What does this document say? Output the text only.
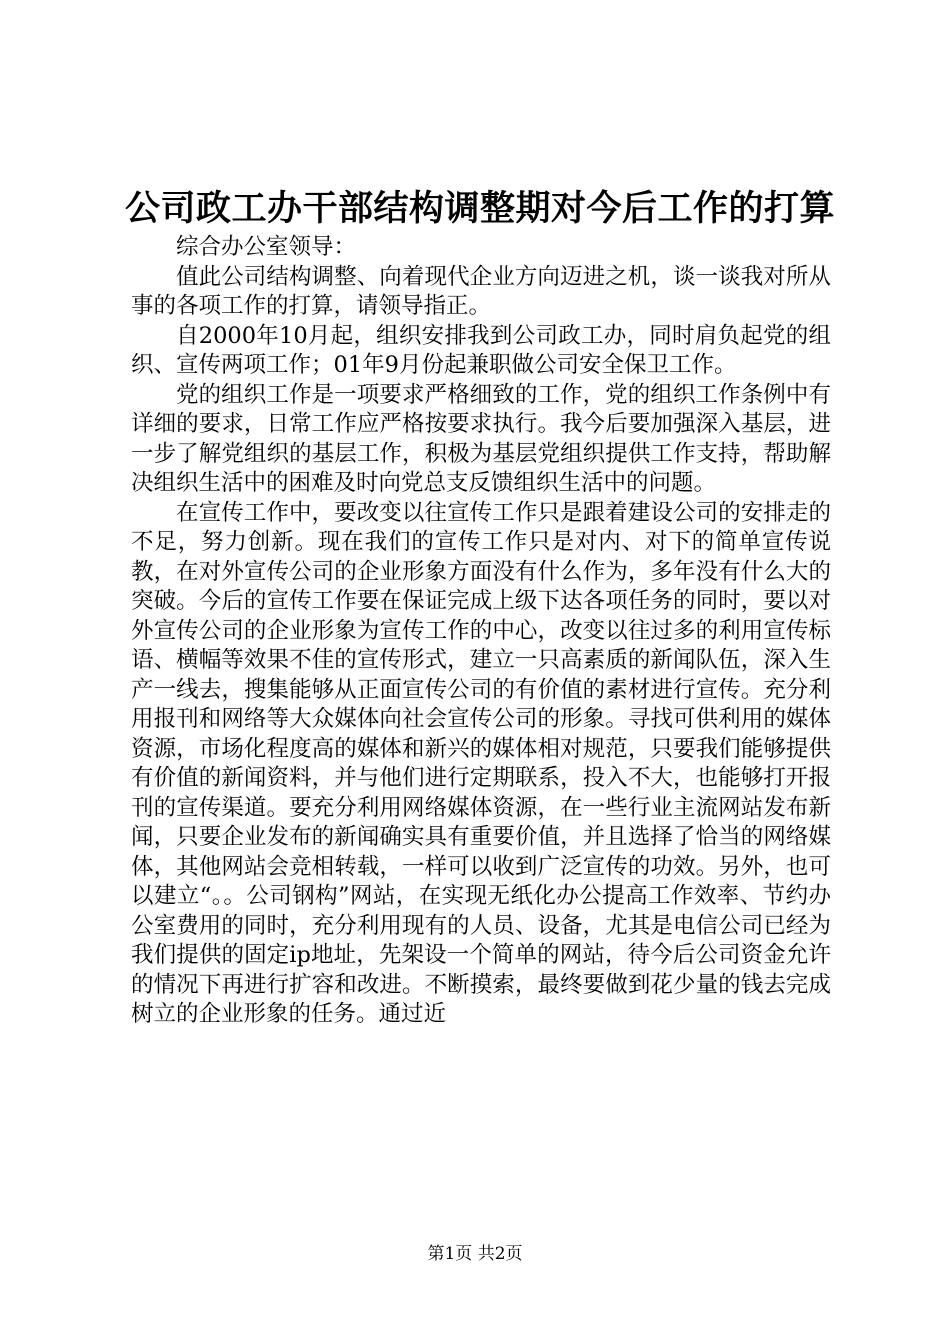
公司政工办干部结构调整期对今后工作的打算

综合办公室领导：

值此公司结构调整、向着现代企业方向迈进之机，谈一谈我对所从事的各项工作的打算，请领导指正。

自2000年10月起，组织安排我到公司政工办，同时肩负起党的组织、宣传两项工作；01年9月份起兼职做公司安全保卫工作。

党的组织工作是一项要求严格细致的工作，党的组织工作条例中有详细的要求，日常工作应严格按要求执行。我今后要加强深入基层，进一步了解党组织的基层工作，积极为基层党组织提供工作支持，帮助解决组织生活中的困难及时向党总支反馈组织生活中的问题。

在宣传工作中，要改变以往宣传工作只是跟着建设公司的安排走的不足，努力创新。现在我们的宣传工作只是对内、对下的简单宣传说教，在对外宣传公司的企业形象方面没有什么作为，多年没有什么大的突破。今后的宣传工作要在保证完成上级下达各项任务的同时，要以对外宣传公司的企业形象为宣传工作的中心，改变以往过多的利用宣传标语、横幅等效果不佳的宣传形式，建立一只高素质的新闻队伍，深入生产一线去，搜集能够从正面宣传公司的有价值的素材进行宣传。充分利用报刊和网络等大众媒体向社会宣传公司的形象。寻找可供利用的媒体资源，市场化程度高的媒体和新兴的媒体相对规范，只要我们能够提供有价值的新闻资料，并与他们进行定期联系，投入不大，也能够打开报刊的宣传渠道。要充分利用网络媒体资源，在一些行业主流网站发布新闻，只要企业发布的新闻确实具有重要价值，并且选择了恰当的网络媒体，其他网站会竞相转载，一样可以收到广泛宣传的功效。另外，也可以建立“。。公司钢构”网站，在实现无纸化办公提高工作效率、节约办公室费用的同时，充分利用现有的人员、设备，尤其是电信公司已经为我们提供的固定ip地址，先架设一个简单的网站，待今后公司资金允许的情况下再进行扩容和改进。不断摸索，最终要做到花少量的钱去完成树立的企业形象的任务。通过近

第1页 共2页
